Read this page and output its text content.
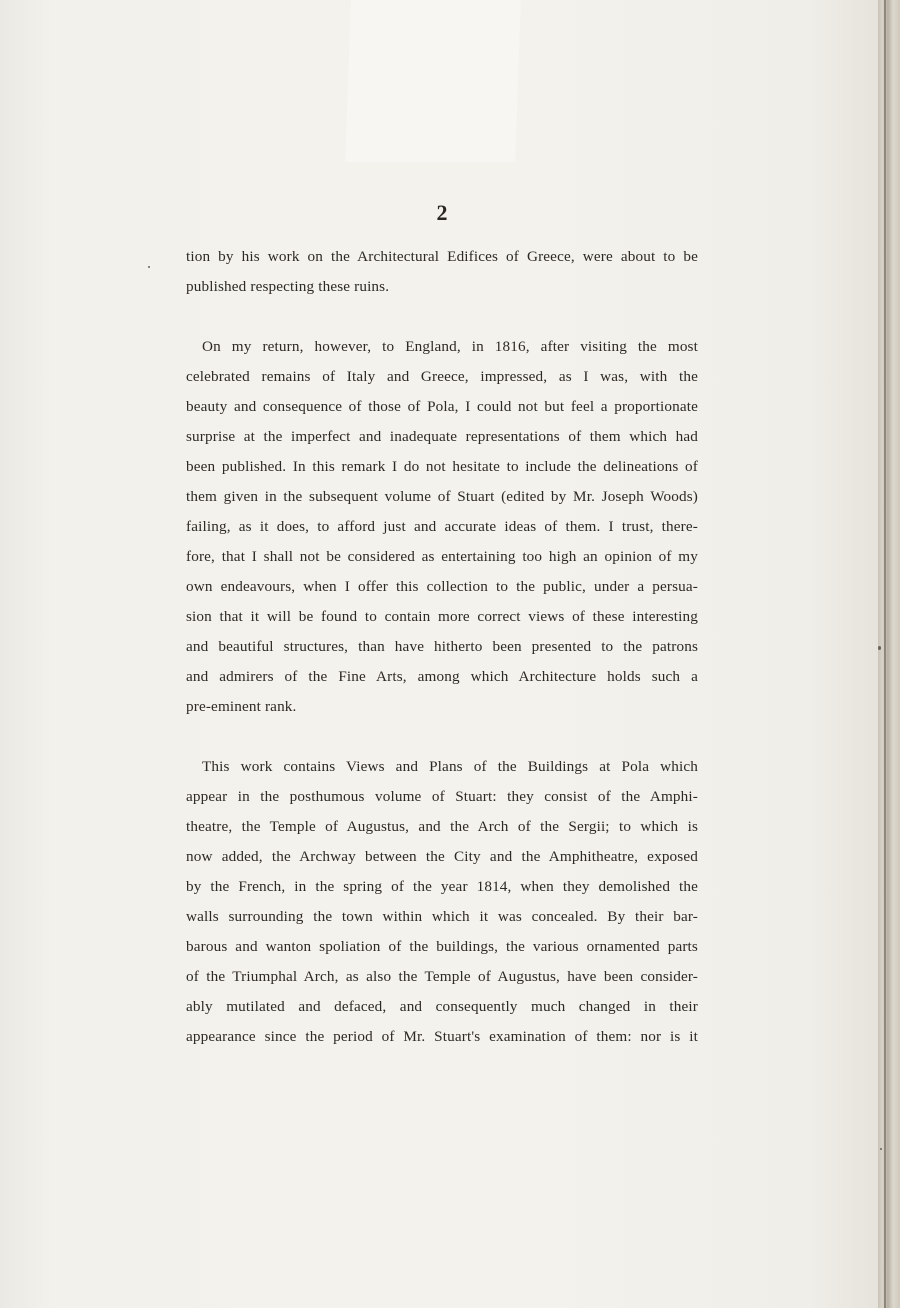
2
tion by his work on the Architectural Edifices of Greece, were about to be
published respecting these ruins.
On my return, however, to England, in 1816, after visiting the most
celebrated remains of Italy and Greece, impressed, as I was, with the
beauty and consequence of those of Pola, I could not but feel a proportionate
surprise at the imperfect and inadequate representations of them which had
been published. In this remark I do not hesitate to include the delineations of
them given in the subsequent volume of Stuart (edited by Mr. Joseph Woods)
failing, as it does, to afford just and accurate ideas of them. I trust, there-
fore, that I shall not be considered as entertaining too high an opinion of my
own endeavours, when I offer this collection to the public, under a persua-
sion that it will be found to contain more correct views of these interesting
and beautiful structures, than have hitherto been presented to the patrons
and admirers of the Fine Arts, among which Architecture holds such a
pre-eminent rank.
This work contains Views and Plans of the Buildings at Pola which
appear in the posthumous volume of Stuart: they consist of the Amphi-
theatre, the Temple of Augustus, and the Arch of the Sergii; to which is
now added, the Archway between the City and the Amphitheatre, exposed
by the French, in the spring of the year 1814, when they demolished the
walls surrounding the town within which it was concealed. By their bar-
barous and wanton spoliation of the buildings, the various ornamented parts
of the Triumphal Arch, as also the Temple of Augustus, have been consider-
ably mutilated and defaced, and consequently much changed in their
appearance since the period of Mr. Stuart's examination of them: nor is it
